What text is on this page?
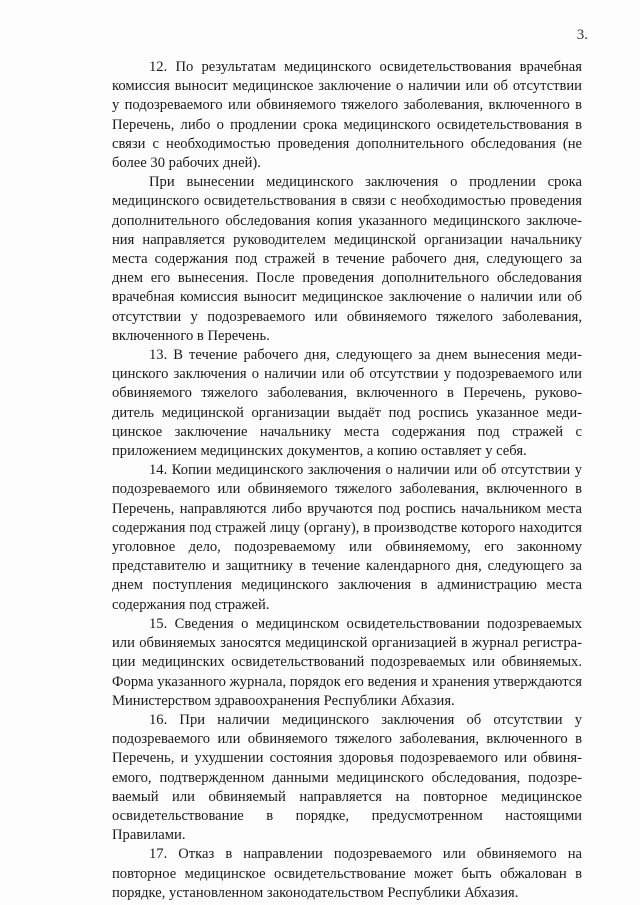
3.

12. По результатам медицинского освидетельствования врачебная комиссия выносит медицинское заключение о наличии или об отсутствии у подозреваемого или обвиняемого тяжелого заболевания, включенного в Перечень, либо о продлении срока медицинского освидетельствования в связи с необходимостью проведения дополнительного обследования (не более 30 рабочих дней).

При вынесении медицинского заключения о продлении срока медицинского освидетельствования в связи с необходимостью проведения дополнительного обследования копия указанного медицинского заключения направляется руководителем медицинской организации начальнику места содержания под стражей в течение рабочего дня, следующего за днем его вынесения. После проведения дополнительного обследования врачебная комиссия выносит медицинское заключение о наличии или об отсутствии у подозреваемого или обвиняемого тяжелого заболевания, включенного в Перечень.

13. В течение рабочего дня, следующего за днем вынесения медицинского заключения о наличии или об отсутствии у подозреваемого или обвиняемого тяжелого заболевания, включенного в Перечень, руководитель медицинской организации выдаёт под роспись указанное медицинское заключение начальнику места содержания под стражей с приложением медицинских документов, а копию оставляет у себя.

14. Копии медицинского заключения о наличии или об отсутствии у подозреваемого или обвиняемого тяжелого заболевания, включенного в Перечень, направляются либо вручаются под роспись начальником места содержания под стражей лицу (органу), в производстве которого находится уголовное дело, подозреваемому или обвиняемому, его законному представителю и защитнику в течение календарного дня, следующего за днем поступления медицинского заключения в администрацию места содержания под стражей.

15. Сведения о медицинском освидетельствовании подозреваемых или обвиняемых заносятся медицинской организацией в журнал регистрации медицинских освидетельствований подозреваемых или обвиняемых. Форма указанного журнала, порядок его ведения и хранения утверждаются Министерством здравоохранения Республики Абхазия.

16. При наличии медицинского заключения об отсутствии у подозреваемого или обвиняемого тяжелого заболевания, включенного в Перечень, и ухудшении состояния здоровья подозреваемого или обвиняемого, подтвержденном данными медицинского обследования, подозреваемый или обвиняемый направляется на повторное медицинское освидетельствование в порядке, предусмотренном настоящими Правилами.

17. Отказ в направлении подозреваемого или обвиняемого на повторное медицинское освидетельствование может быть обжалован в порядке, установленном законодательством Республики Абхазия.
